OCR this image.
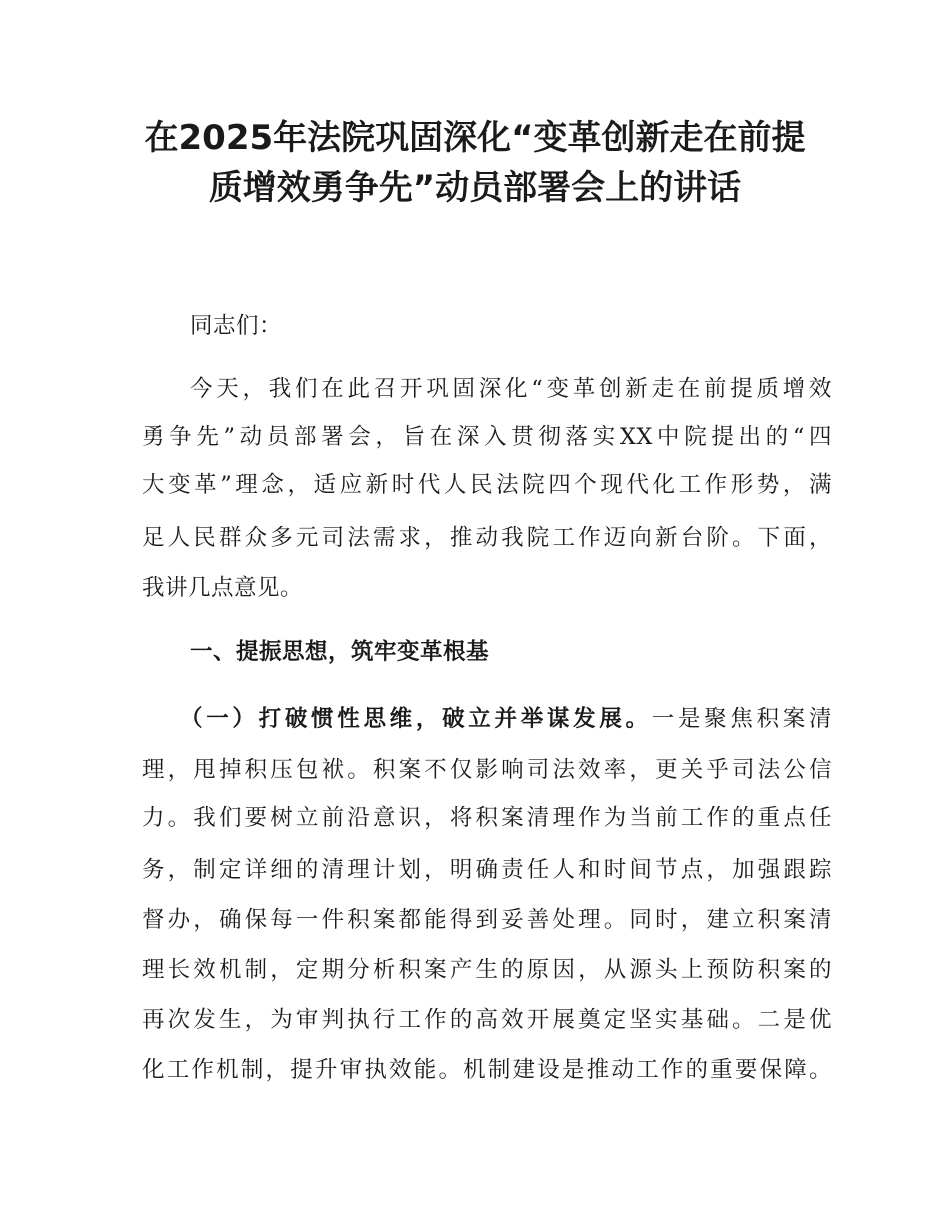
在2025年法院巩固深化“变革创新走在前提
质增效勇争先”动员部署会上的讲话
同志们：
今天，我们在此召开巩固深化“变革创新走在前提质增效
勇争先”动员部署会，旨在深入贯彻落实XX中院提出的“四
大变革”理念，适应新时代人民法院四个现代化工作形势，满
足人民群众多元司法需求，推动我院工作迈向新台阶。下面，
我讲几点意见。
一、提振思想，筑牢变革根基
（一）打破惯性思维，破立并举谋发展。一是聚焦积案清
理，甩掉积压包袱。积案不仅影响司法效率，更关乎司法公信
力。我们要树立前沿意识，将积案清理作为当前工作的重点任
务，制定详细的清理计划，明确责任人和时间节点，加强跟踪
督办，确保每一件积案都能得到妥善处理。同时，建立积案清
理长效机制，定期分析积案产生的原因，从源头上预防积案的
再次发生，为审判执行工作的高效开展奠定坚实基础。二是优
化工作机制，提升审执效能。机制建设是推动工作的重要保障。
